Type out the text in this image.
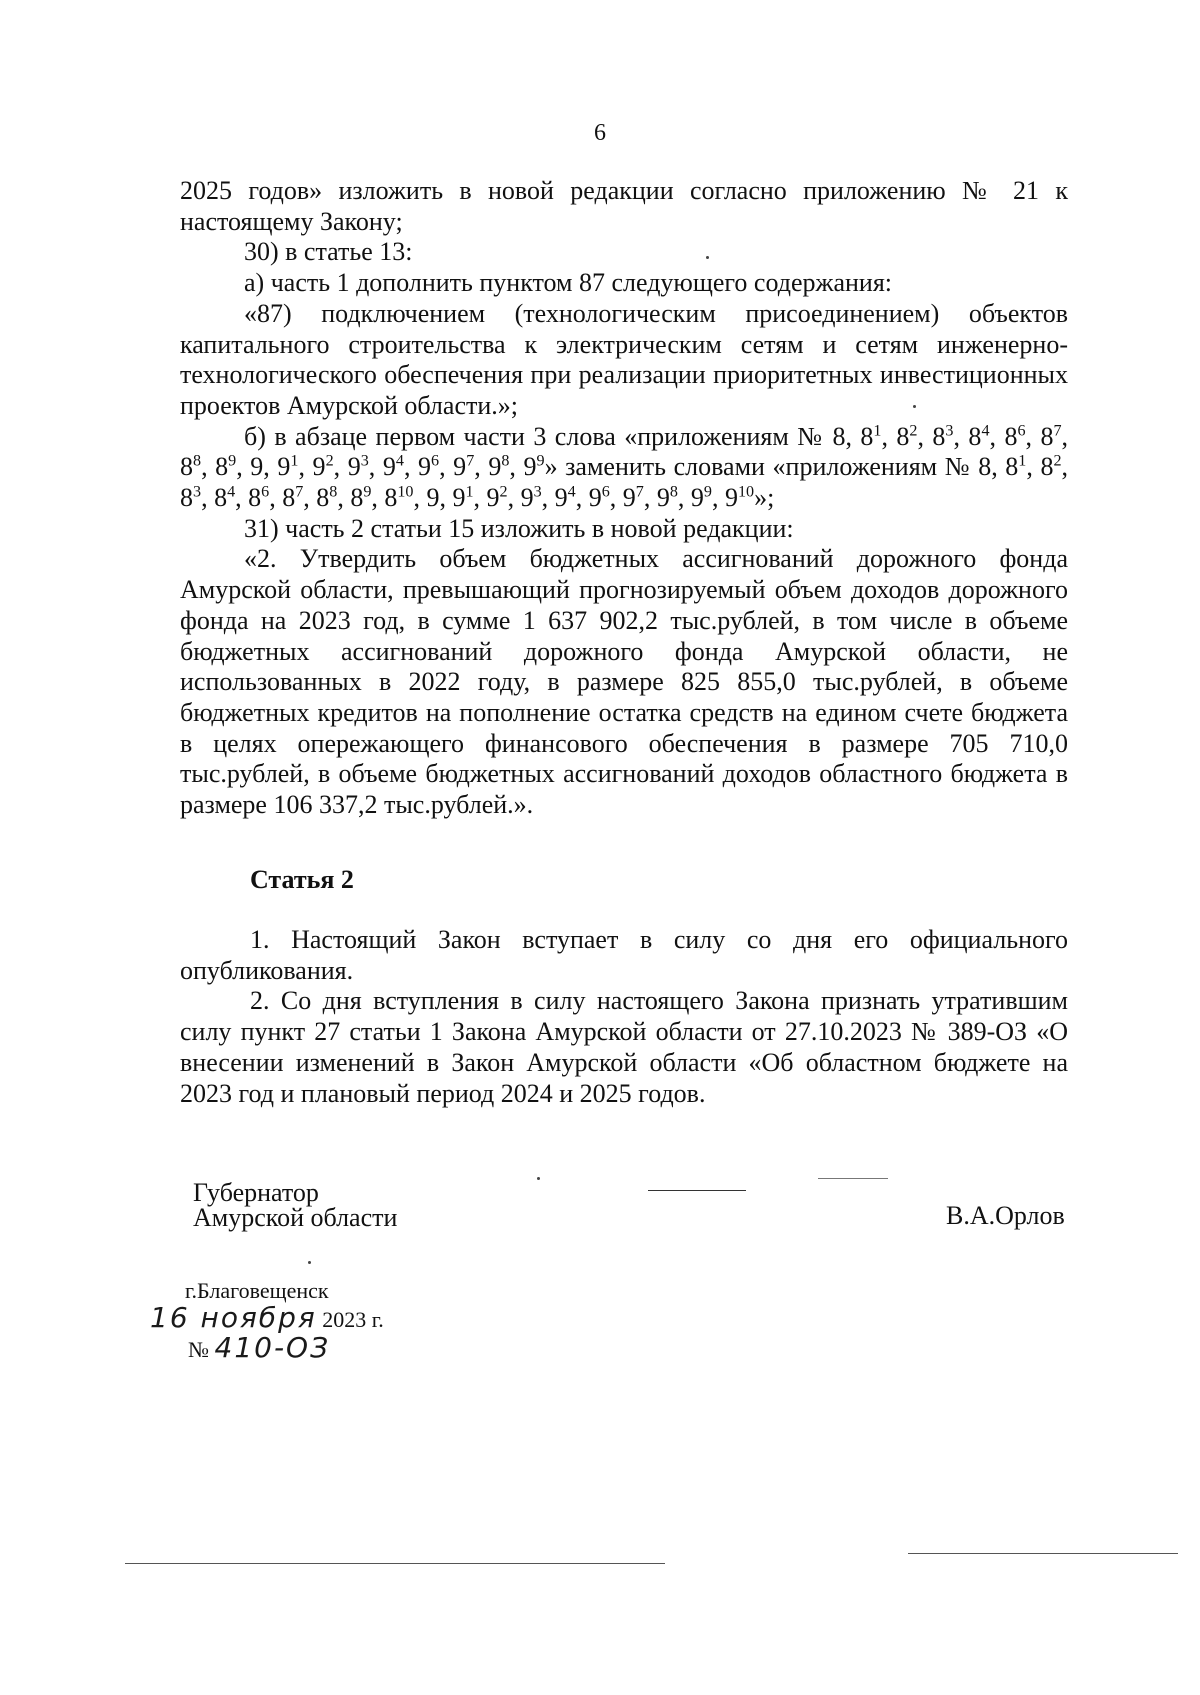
6

2025 годов» изложить в новой редакции согласно приложению № 21 к настоящему Закону;

30) в статье 13:

а) часть 1 дополнить пунктом 87 следующего содержания:

«87) подключением (технологическим присоединением) объектов капитального строительства к электрическим сетям и сетям инженерно-технологического обеспечения при реализации приоритетных инвестиционных проектов Амурской области.»;

б) в абзаце первом части 3 слова «приложениям № 8, $8^1$, $8^2$, $8^3$, $8^4$, $8^6$, $8^7$, $8^8$, $8^9$, 9, $9^1$, $9^2$, $9^3$, $9^4$, $9^6$, $9^7$, $9^8$, $9^9$» заменить словами «приложениям № 8, $8^1$, $8^2$, $8^3$, $8^4$, $8^6$, $8^7$, $8^8$, $8^9$, $8^{10}$, 9, $9^1$, $9^2$, $9^3$, $9^4$, $9^6$, $9^7$, $9^8$, $9^9$, $9^{10}$»;

31) часть 2 статьи 15 изложить в новой редакции:

«2. Утвердить объем бюджетных ассигнований дорожного фонда Амурской области, превышающий прогнозируемый объем доходов дорожного фонда на 2023 год, в сумме 1 637 902,2 тыс.рублей, в том числе в объеме бюджетных ассигнований дорожного фонда Амурской области, не использованных в 2022 году, в размере 825 855,0 тыс.рублей, в объеме бюджетных кредитов на пополнение остатка средств на едином счете бюджета в целях опережающего финансового обеспечения в размере 705 710,0 тыс.рублей, в объеме бюджетных ассигнований доходов областного бюджета в размере 106 337,2 тыс.рублей.».

Статья 2

1. Настоящий Закон вступает в силу со дня его официального опубликования.

2. Со дня вступления в силу настоящего Закона признать утратившим силу пункт 27 статьи 1 Закона Амурской области от 27.10.2023 № 389-ОЗ «О внесении изменений в Закон Амурской области «Об областном бюджете на 2023 год и плановый период 2024 и 2025 годов.

Губернатор
Амурской области	В.А.Орлов
г.Благовещенск
16 ноября 2023 г.
№ 410-ОЗ
